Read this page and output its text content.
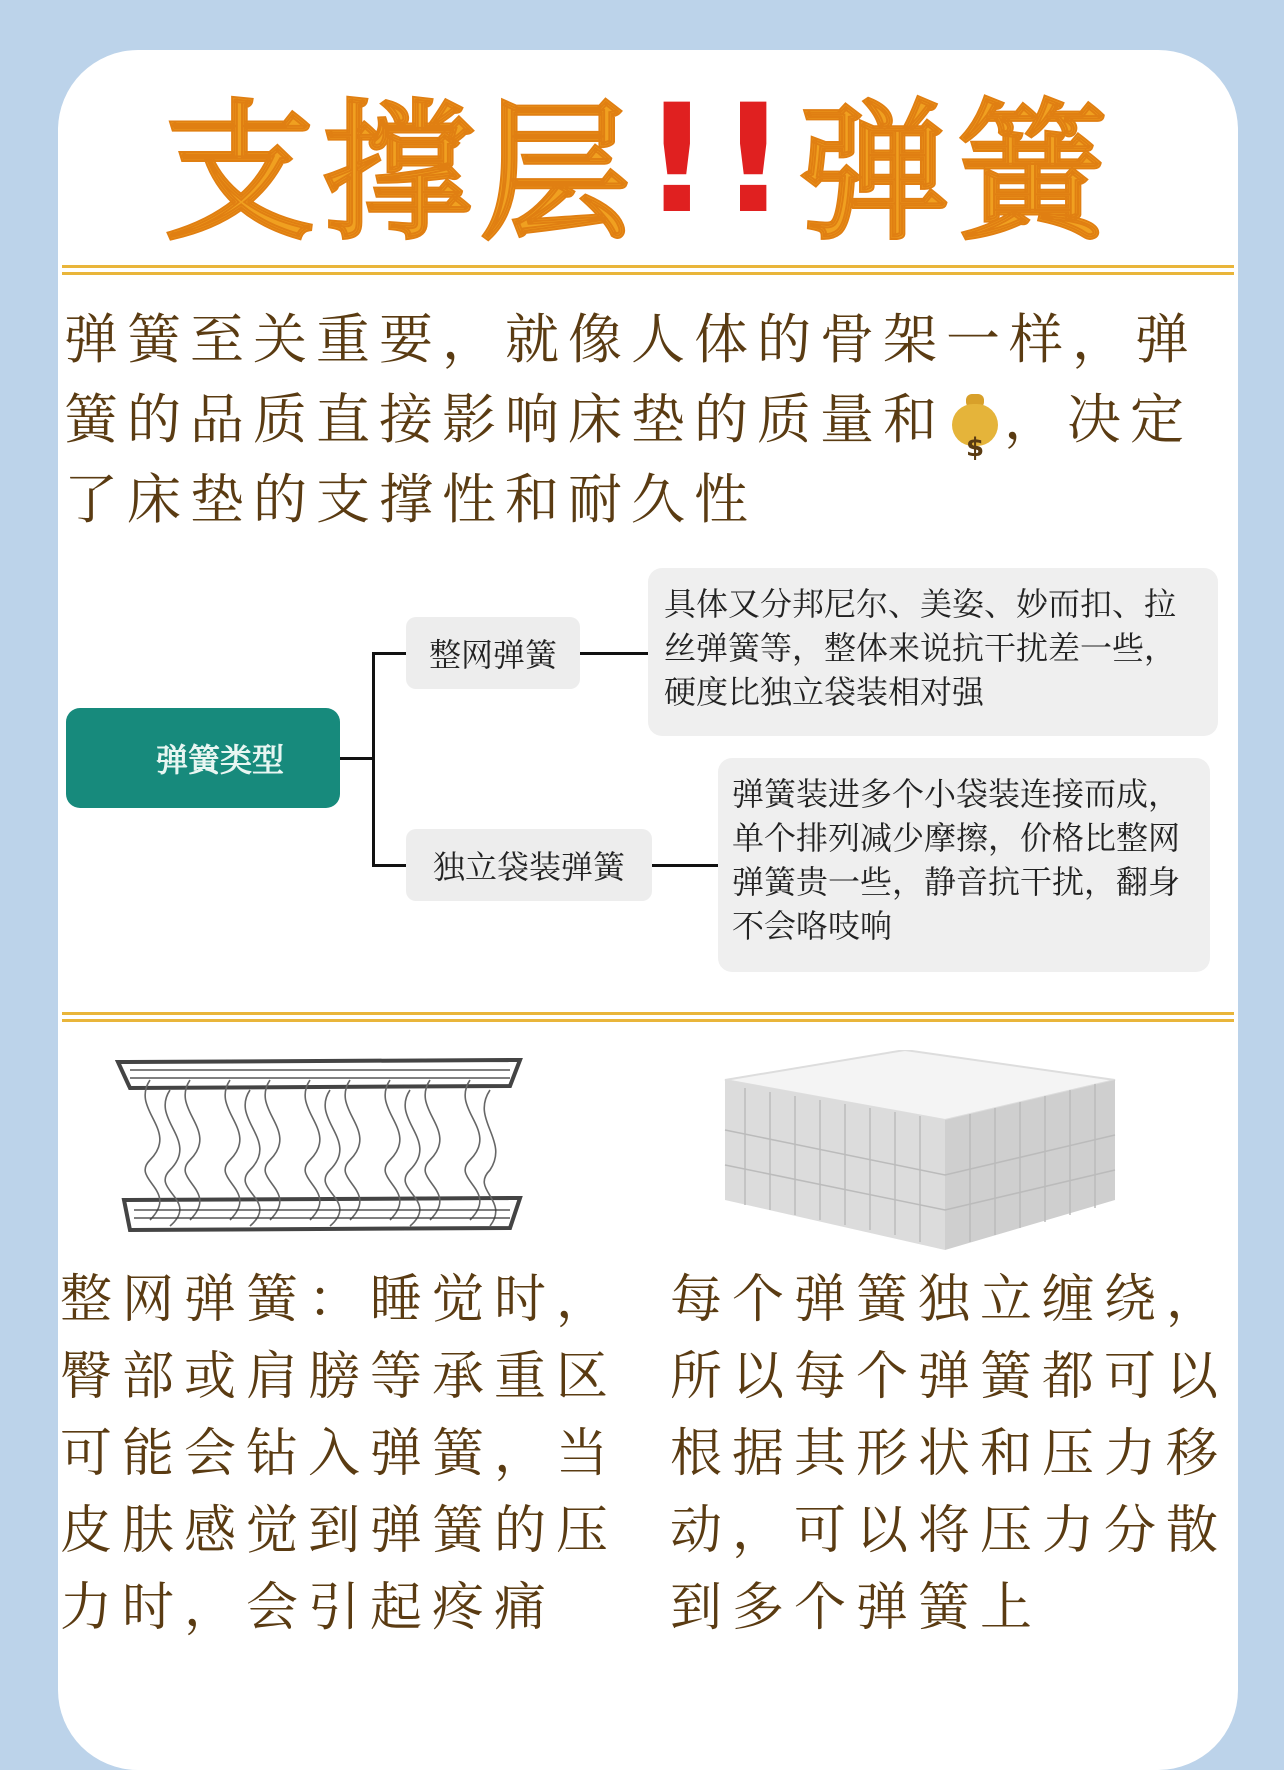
支撑层 !! 弹簧
弹簧至关重要，就像人体的骨架一样，弹簧的品质直接影响床垫的质量和 $ ，决定了床垫的支撑性和耐久性
弹簧类型
整网弹簧
具体又分邦尼尔、美姿、妙而扣、拉丝弹簧等，整体来说抗干扰差一些，硬度比独立袋装相对强
独立袋装弹簧
弹簧装进多个小袋装连接而成，单个排列减少摩擦，价格比整网弹簧贵一些，静音抗干扰，翻身不会咯吱响
整网弹簧：睡觉时，臀部或肩膀等承重区可能会钻入弹簧，当皮肤感觉到弹簧的压力时，会引起疼痛
每个弹簧独立缠绕，所以每个弹簧都可以根据其形状和压力移动，可以将压力分散到多个弹簧上
